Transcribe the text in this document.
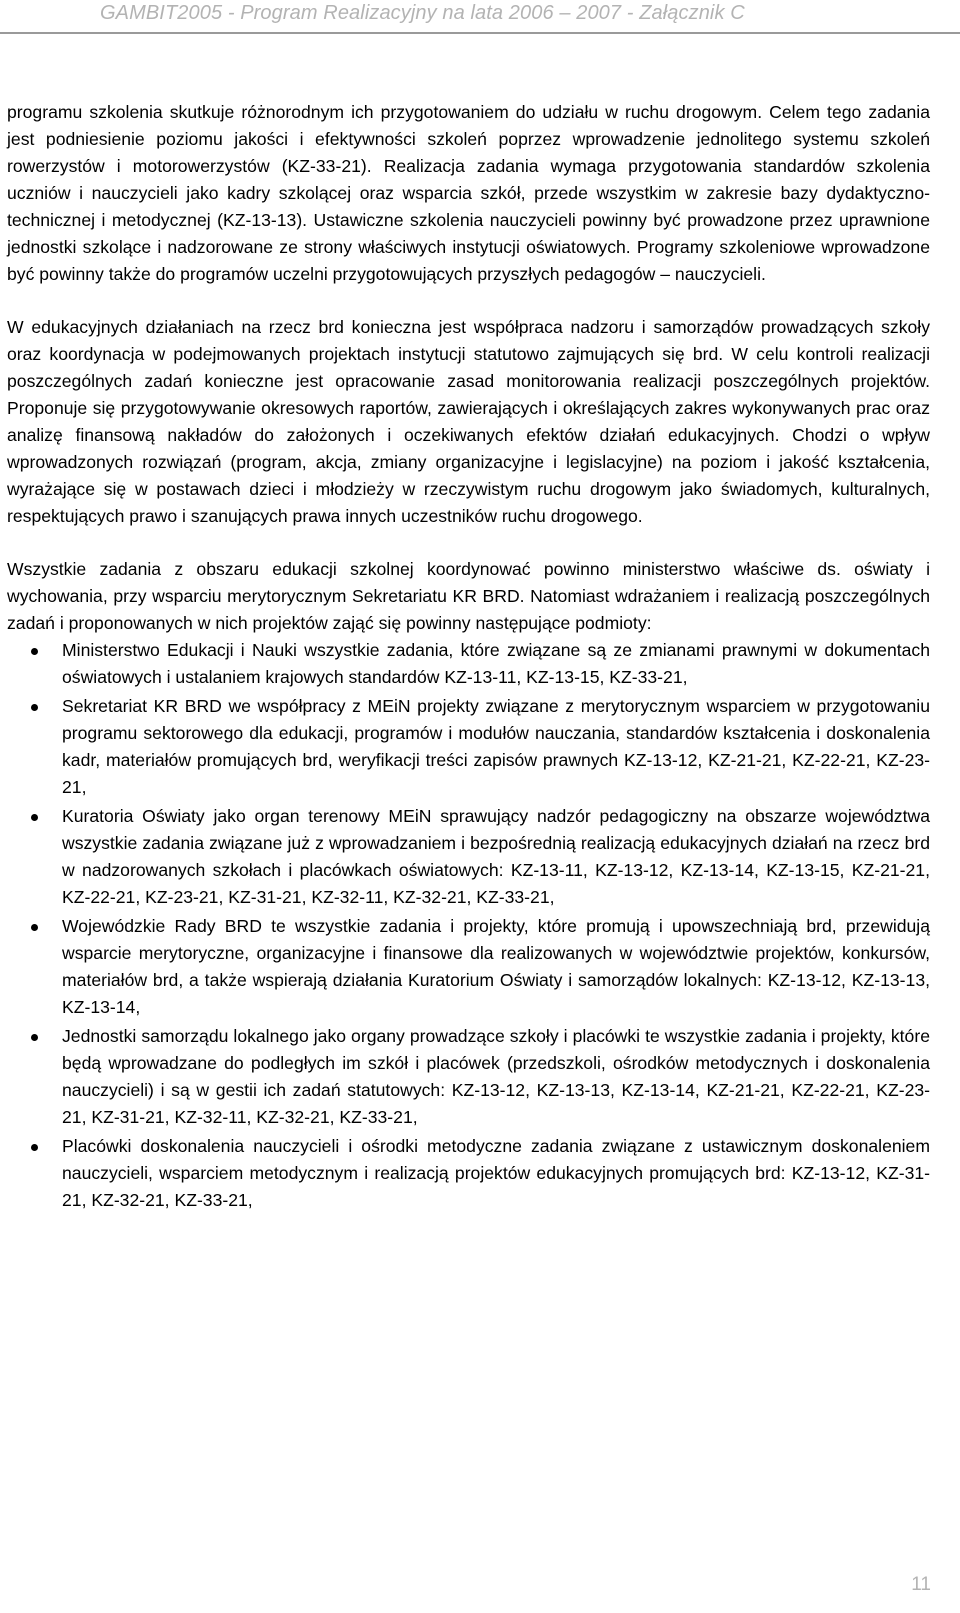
GAMBIT2005 - Program Realizacyjny na lata 2006 – 2007 - Załącznik C

programu szkolenia skutkuje różnorodnym ich przygotowaniem do udziału w ruchu drogowym. Celem tego zadania jest podniesienie poziomu jakości i efektywności szkoleń poprzez wprowadzenie jednolitego systemu szkoleń rowerzystów i motorowerzystów (KZ-33-21). Realizacja zadania wymaga przygotowania standardów szkolenia uczniów i nauczycieli jako kadry szkolącej oraz wsparcia szkół, przede wszystkim w zakresie bazy dydaktyczno-technicznej i metodycznej (KZ-13-13). Ustawiczne szkolenia nauczycieli powinny być prowadzone przez uprawnione jednostki szkolące i nadzorowane ze strony właściwych instytucji oświatowych. Programy szkoleniowe wprowadzone być powinny także do programów uczelni przygotowujących przyszłych pedagogów – nauczycieli.

W edukacyjnych działaniach na rzecz brd konieczna jest współpraca nadzoru i samorządów prowadzących szkoły oraz koordynacja w podejmowanych projektach instytucji statutowo zajmujących się brd. W celu kontroli realizacji poszczególnych zadań konieczne jest opracowanie zasad monitorowania realizacji poszczególnych projektów. Proponuje się przygotowywanie okresowych raportów, zawierających i określających zakres wykonywanych prac oraz analizę finansową nakładów do założonych i oczekiwanych efektów działań edukacyjnych. Chodzi o wpływ wprowadzonych rozwiązań (program, akcja, zmiany organizacyjne i legislacyjne) na poziom i jakość kształcenia, wyrażające się w postawach dzieci i młodzieży w rzeczywistym ruchu drogowym jako świadomych, kulturalnych, respektujących prawo i szanujących prawa innych uczestników ruchu drogowego.

Wszystkie zadania z obszaru edukacji szkolnej koordynować powinno ministerstwo właściwe ds. oświaty i wychowania, przy wsparciu merytorycznym Sekretariatu KR BRD. Natomiast wdrażaniem i realizacją poszczególnych zadań i proponowanych w nich projektów zająć się powinny następujące podmioty:

Ministerstwo Edukacji i Nauki wszystkie zadania, które związane są ze zmianami prawnymi w dokumentach oświatowych i ustalaniem krajowych standardów KZ-13-11, KZ-13-15, KZ-33-21,
Sekretariat KR BRD we współpracy z MEiN projekty związane z merytorycznym wsparciem w przygotowaniu programu sektorowego dla edukacji, programów i modułów nauczania, standardów kształcenia i doskonalenia kadr, materiałów promujących brd, weryfikacji treści zapisów prawnych KZ-13-12, KZ-21-21, KZ-22-21, KZ-23-21,
Kuratoria Oświaty jako organ terenowy MEiN sprawujący nadzór pedagogiczny na obszarze województwa wszystkie zadania związane już z wprowadzaniem i bezpośrednią realizacją edukacyjnych działań na rzecz brd w nadzorowanych szkołach i placówkach oświatowych: KZ-13-11, KZ-13-12, KZ-13-14, KZ-13-15, KZ-21-21, KZ-22-21, KZ-23-21, KZ-31-21, KZ-32-11, KZ-32-21, KZ-33-21,
Wojewódzkie Rady BRD te wszystkie zadania i projekty, które promują i upowszechniają brd, przewidują wsparcie merytoryczne, organizacyjne i finansowe dla realizowanych w województwie projektów, konkursów, materiałów brd, a także wspierają działania Kuratorium Oświaty i samorządów lokalnych: KZ-13-12, KZ-13-13, KZ-13-14,
Jednostki samorządu lokalnego jako organy prowadzące szkoły i placówki te wszystkie zadania i projekty, które będą wprowadzane do podległych im szkół i placówek (przedszkoli, ośrodków metodycznych i doskonalenia nauczycieli) i są w gestii ich zadań statutowych: KZ-13-12, KZ-13-13, KZ-13-14, KZ-21-21, KZ-22-21, KZ-23-21, KZ-31-21, KZ-32-11, KZ-32-21, KZ-33-21,
Placówki doskonalenia nauczycieli i ośrodki metodyczne zadania związane z ustawicznym doskonaleniem nauczycieli, wsparciem metodycznym i realizacją projektów edukacyjnych promujących brd: KZ-13-12, KZ-31-21, KZ-32-21, KZ-33-21,
11
